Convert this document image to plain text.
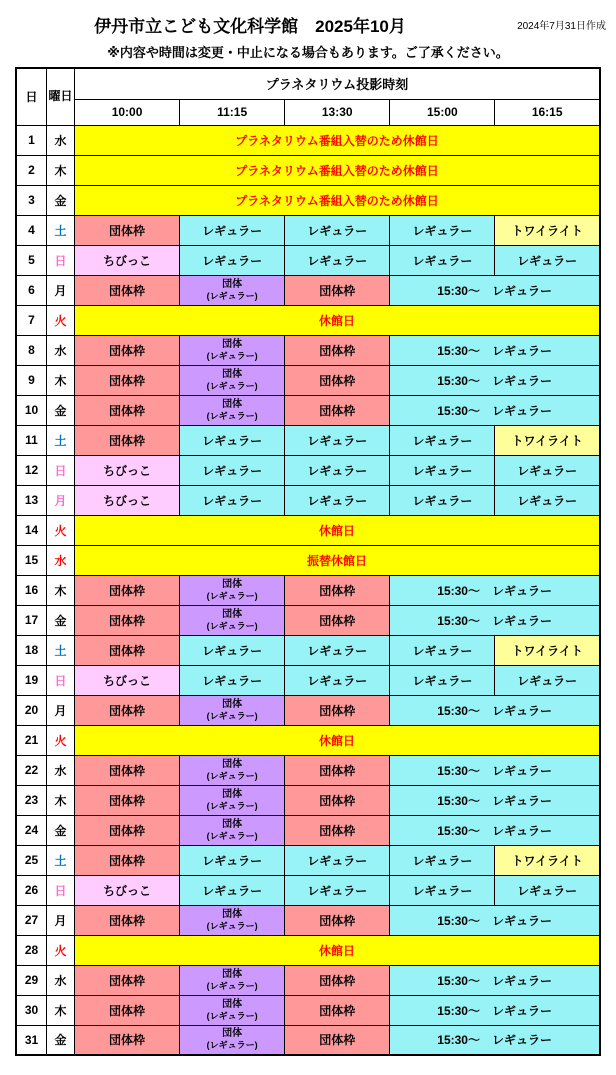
伊丹市立こども文化科学館　2025年10月	2024年7月31日作成
※内容や時間は変更・中止になる場合もあります。ご了承ください。
日	曜日	プラネタリウム投影時刻				
		10:00	11:15	13:30	15:00	16:15
1	水	プラネタリウム番組入替のため休館日				
2	木	プラネタリウム番組入替のため休館日				
3	金	プラネタリウム番組入替のため休館日				
4	土	団体枠	レギュラー	レギュラー	レギュラー	トワイライト
5	日	ちびっこ	レギュラー	レギュラー	レギュラー	レギュラー
6	月	団体枠	団体
(レギュラー)	団体枠	15:30～　レギュラー	
7	火	休館日				
8	水	団体枠	団体
(レギュラー)	団体枠	15:30～　レギュラー	
9	木	団体枠	団体
(レギュラー)	団体枠	15:30～　レギュラー	
10	金	団体枠	団体
(レギュラー)	団体枠	15:30～　レギュラー	
11	土	団体枠	レギュラー	レギュラー	レギュラー	トワイライト
12	日	ちびっこ	レギュラー	レギュラー	レギュラー	レギュラー
13	月	ちびっこ	レギュラー	レギュラー	レギュラー	レギュラー
14	火	休館日				
15	水	振替休館日				
16	木	団体枠	団体
(レギュラー)	団体枠	15:30～　レギュラー	
17	金	団体枠	団体
(レギュラー)	団体枠	15:30～　レギュラー	
18	土	団体枠	レギュラー	レギュラー	レギュラー	トワイライト
19	日	ちびっこ	レギュラー	レギュラー	レギュラー	レギュラー
20	月	団体枠	団体
(レギュラー)	団体枠	15:30～　レギュラー	
21	火	休館日				
22	水	団体枠	団体
(レギュラー)	団体枠	15:30～　レギュラー	
23	木	団体枠	団体
(レギュラー)	団体枠	15:30～　レギュラー	
24	金	団体枠	団体
(レギュラー)	団体枠	15:30～　レギュラー	
25	土	団体枠	レギュラー	レギュラー	レギュラー	トワイライト
26	日	ちびっこ	レギュラー	レギュラー	レギュラー	レギュラー
27	月	団体枠	団体
(レギュラー)	団体枠	15:30～　レギュラー	
28	火	休館日				
29	水	団体枠	団体
(レギュラー)	団体枠	15:30～　レギュラー	
30	木	団体枠	団体
(レギュラー)	団体枠	15:30～　レギュラー	
31	金	団体枠	団体
(レギュラー)	団体枠	15:30～　レギュラー	
